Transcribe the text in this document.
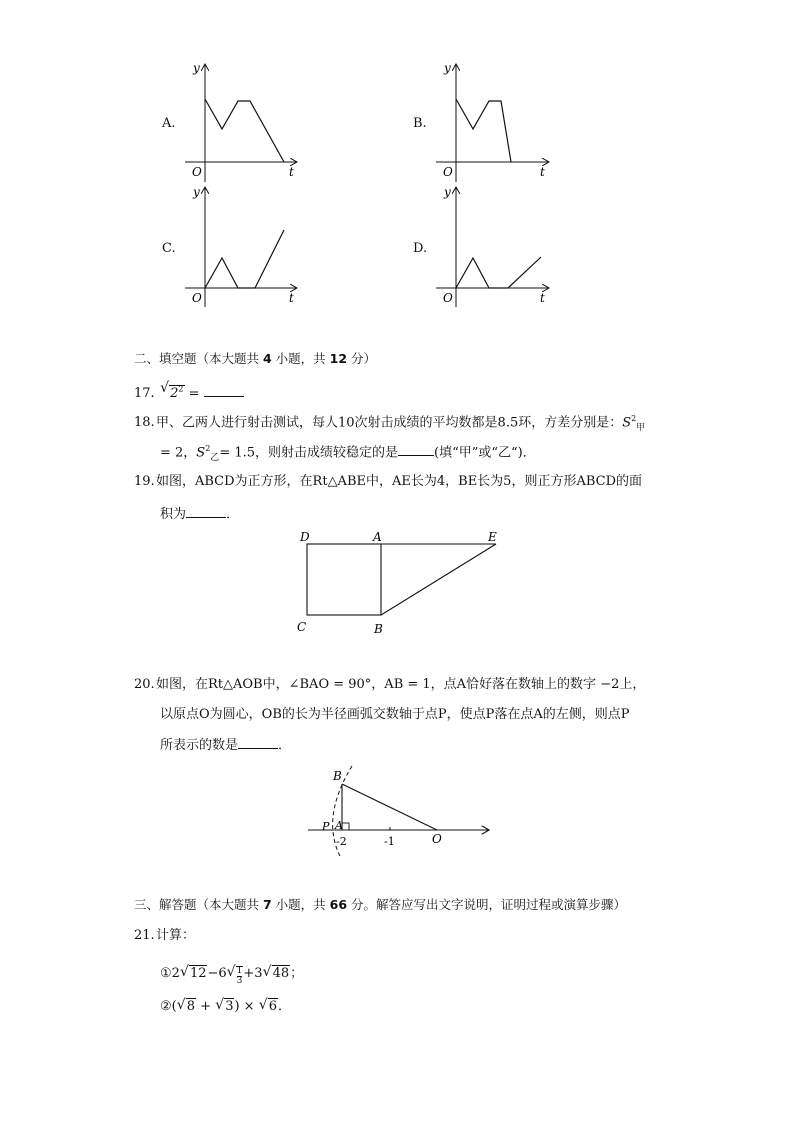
A.	B.
C.	D.
y
t
O
y
t
O
y
t
O
y
t
O
二、填空题（本大题共 4 小题，共 12 分）
17. √ $2^2$ =
18.甲、乙两人进行射击测试，每人10次射击成绩的平均数都是8.5环，方差分别是：$S^2_甲$
= 2，$S^2_乙= 1.5$，则射击成绩较稳定的是	(填“甲”或“乙“)．
19.如图，ABCD为正方形，在Rt△ABE中，AE长为4，BE长为5，则正方形ABCD的面
积为	．
D	A	E
C	B
20.如图，在Rt△AOB中，∠BAO = 90°，AB = 1，点A恰好落在数轴上的数字 −2上，
以原点O为圆心，OB的长为半径画弧交数轴于点P，使点P落在点A的左侧，则点P
所表示的数是	．
B
P A
O
-2	-1
三、解答题（本大题共 7 小题，共 66 分。解答应写出文字说明，证明过程或演算步骤）
21.计算：
①2 √ 12−6 √ $\frac{1}{3} +3$ √ 48；
②( √ 8 + √ 3) × √ 6．
